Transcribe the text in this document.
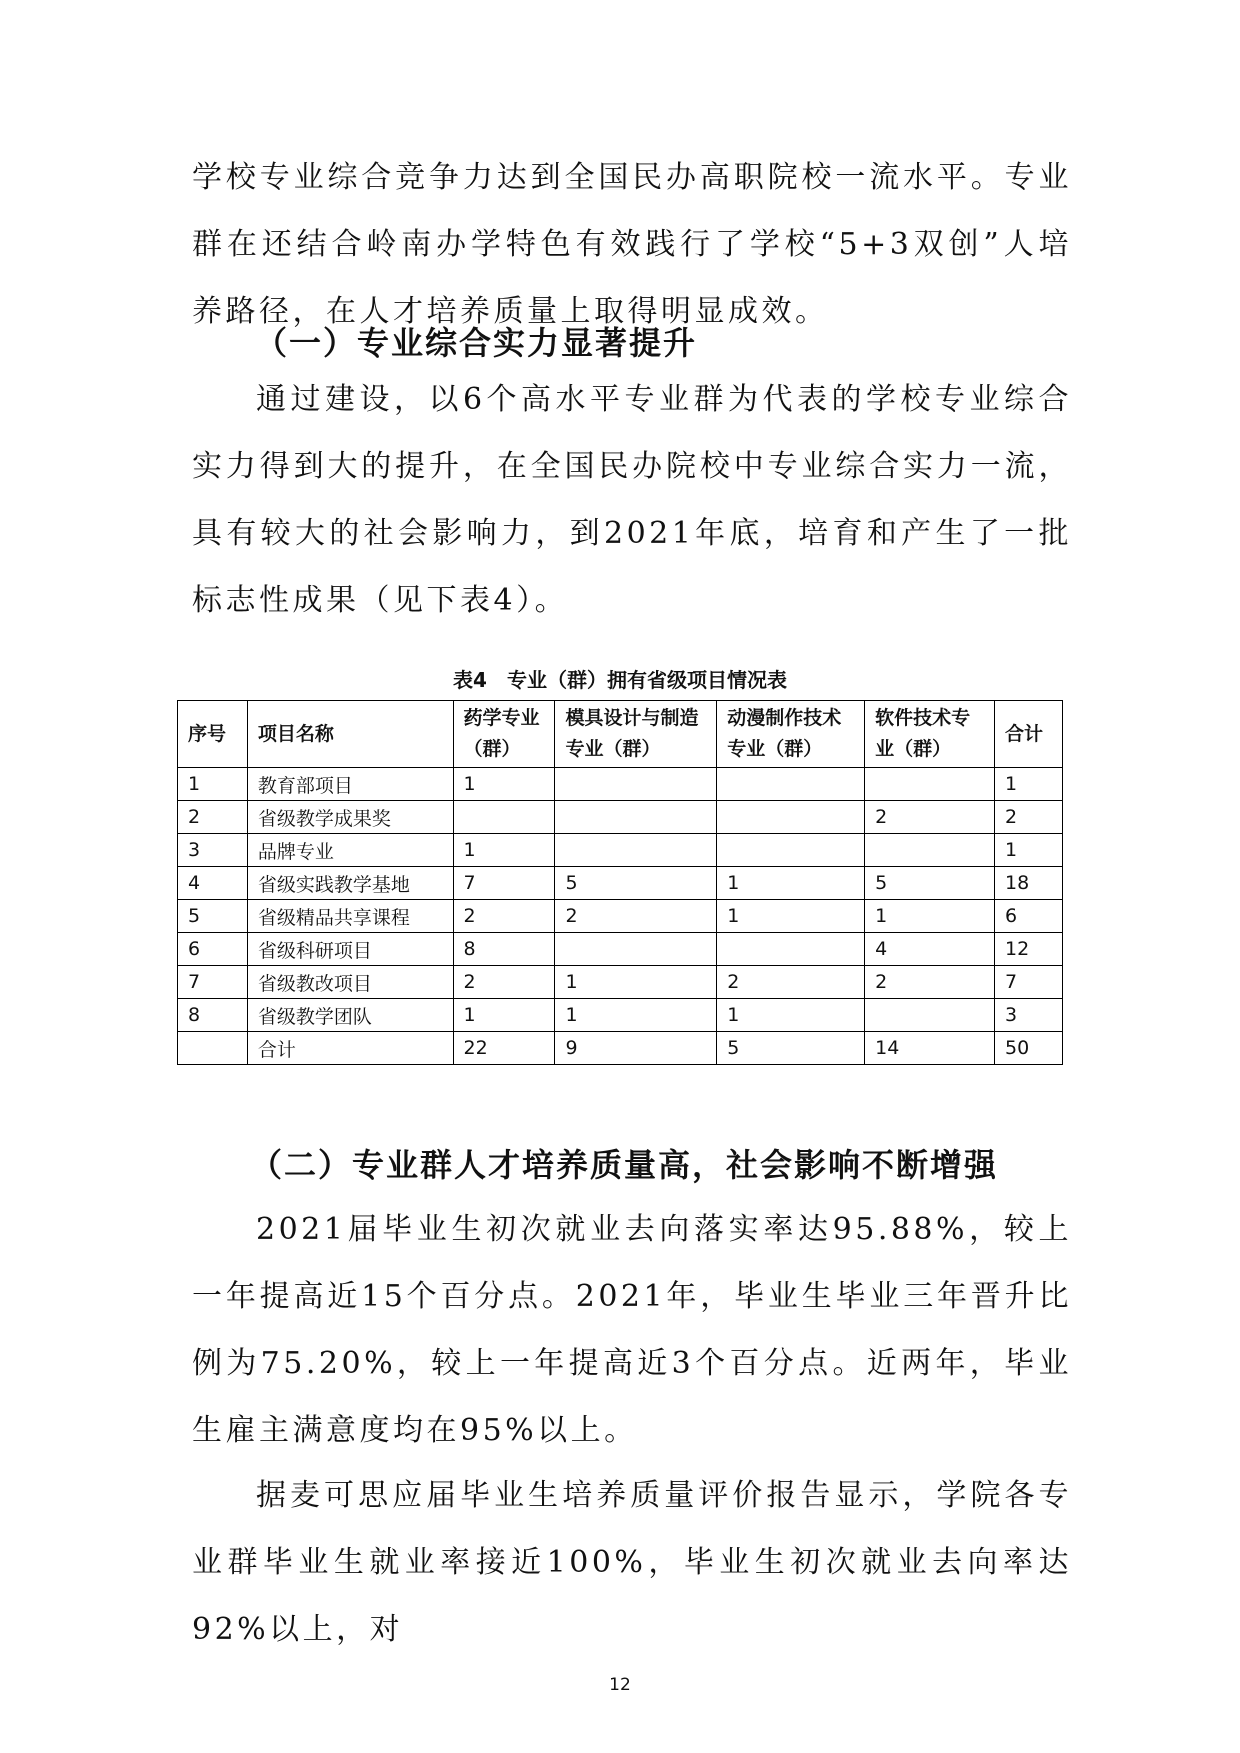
学校专业综合竞争力达到全国民办高职院校一流水平。专业群在还结合岭南办学特色有效践行了学校“5+3双创”人培养路径，在人才培养质量上取得明显成效。

（一）专业综合实力显著提升

通过建设，以6个高水平专业群为代表的学校专业综合实力得到大的提升，在全国民办院校中专业综合实力一流，具有较大的社会影响力，到2021年底，培育和产生了一批标志性成果（见下表4）。

表4　专业（群）拥有省级项目情况表
序号	项目名称	药学专业（群）	模具设计与制造专业（群）	动漫制作技术专业（群）	软件技术专业（群）	合计
1	教育部项目	1				1
2	省级教学成果奖				2	2
3	品牌专业	1				1
4	省级实践教学基地	7	5	1	5	18
5	省级精品共享课程	2	2	1	1	6
6	省级科研项目	8			4	12
7	省级教改项目	2	1	2	2	7
8	省级教学团队	1	1	1		3
	合计	22	9	5	14	50
（二）专业群人才培养质量高，社会影响不断增强

2021届毕业生初次就业去向落实率达95.88%，较上一年提高近15个百分点。2021年，毕业生毕业三年晋升比例为75.20%，较上一年提高近3个百分点。近两年，毕业生雇主满意度均在95%以上。

据麦可思应届毕业生培养质量评价报告显示，学院各专业群毕业生就业率接近100%，毕业生初次就业去向率达92%以上，对

12
